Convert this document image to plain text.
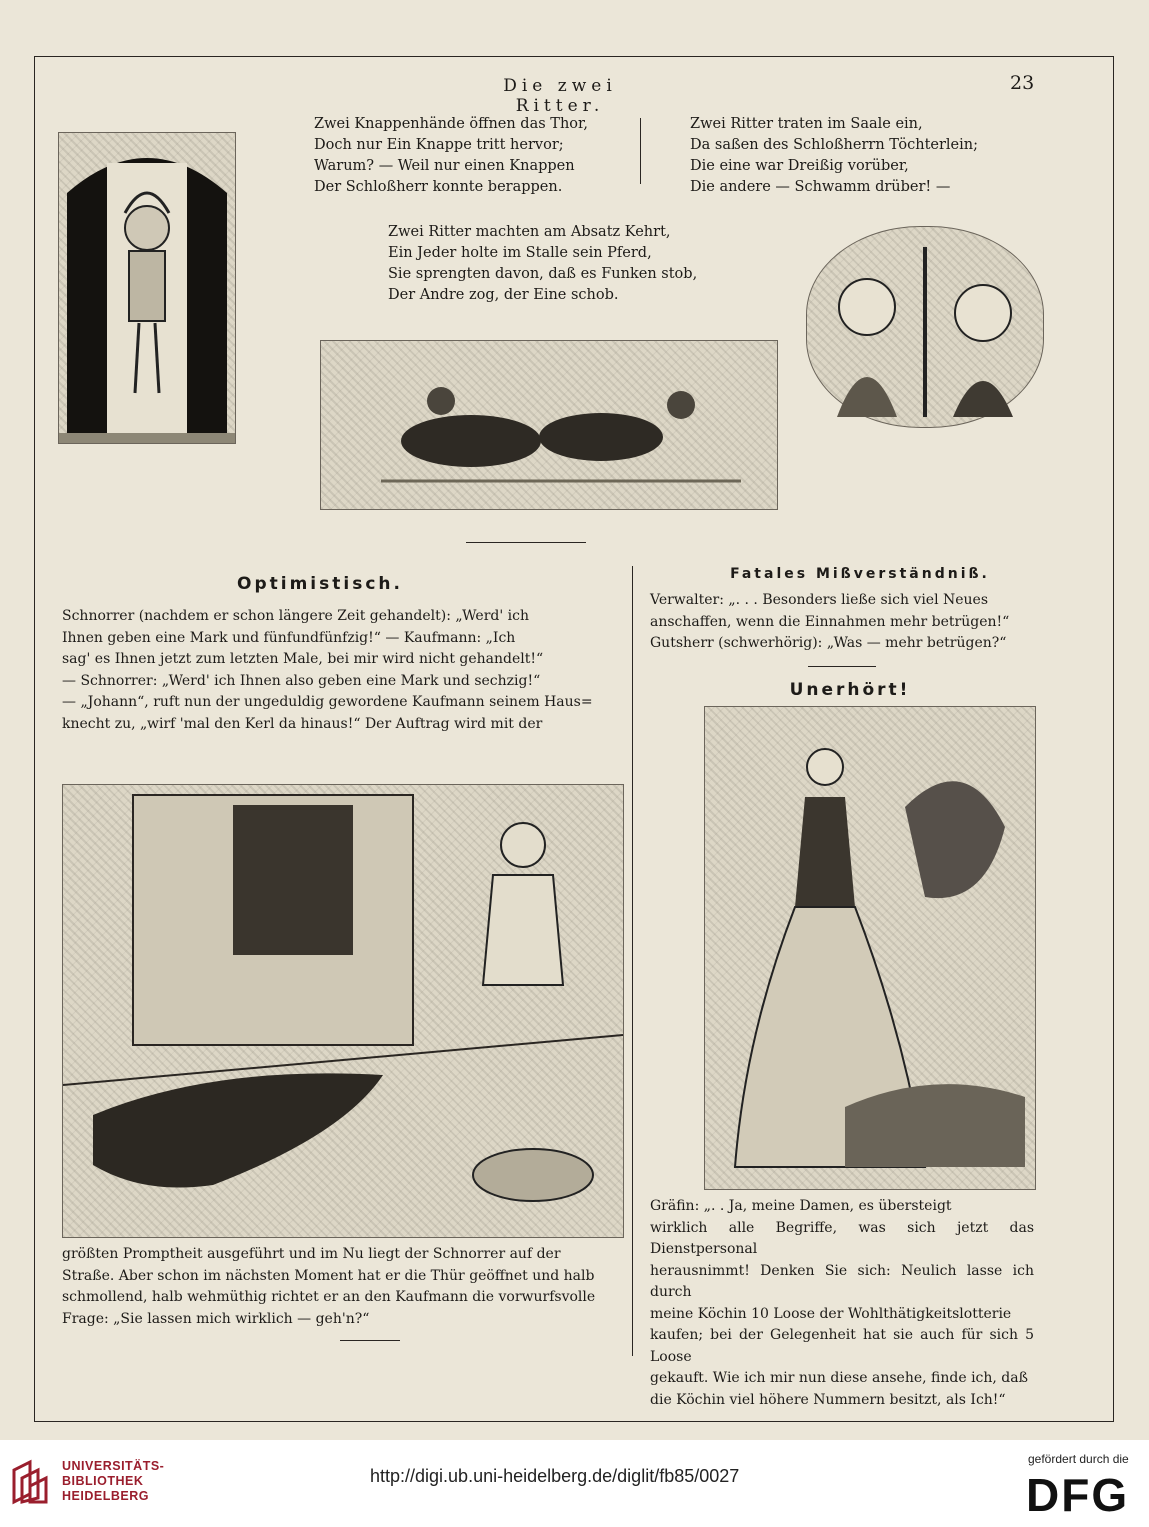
Die zwei Ritter.
23
Zwei Knappenhände öffnen das Thor,
Doch nur Ein Knappe tritt hervor;
Warum? — Weil nur einen Knappen
Der Schloßherr konnte berappen.
Zwei Ritter traten im Saale ein,
Da saßen des Schloßherrn Töchterlein;
Die eine war Dreißig vorüber,
Die andere — Schwamm drüber! —
Zwei Ritter machten am Absatz Kehrt,
Ein Jeder holte im Stalle sein Pferd,
Sie sprengten davon, daß es Funken stob,
Der Andre zog, der Eine schob.
Optimistisch.
Schnorrer (nachdem er schon längere Zeit gehandelt): „Werd' ich
Ihnen geben eine Mark und fünfundfünfzig!“ — Kaufmann: „Ich
sag' es Ihnen jetzt zum letzten Male, bei mir wird nicht gehandelt!“
— Schnorrer: „Werd' ich Ihnen also geben eine Mark und sechzig!“
— „Johann“, ruft nun der ungeduldig gewordene Kaufmann seinem Haus=
knecht zu, „wirf 'mal den Kerl da hinaus!“ Der Auftrag wird mit der
größten Promptheit ausgeführt und im Nu liegt der Schnorrer auf der
Straße. Aber schon im nächsten Moment hat er die Thür geöffnet und halb
schmollend, halb wehmüthig richtet er an den Kaufmann die vorwurfsvolle
Frage: „Sie lassen mich wirklich — geh'n?“
Fatales Mißverständniß.
Verwalter: „. . . Besonders ließe sich viel Neues
anschaffen, wenn die Einnahmen mehr betrügen!“
Gutsherr (schwerhörig): „Was — mehr betrügen?“
Unerhört!
Gräfin: „. . Ja, meine Damen, es übersteigt
wirklich alle Begriffe, was sich jetzt das Dienstpersonal
herausnimmt! Denken Sie sich: Neulich lasse ich durch
meine Köchin 10 Loose der Wohlthätigkeitslotterie
kaufen; bei der Gelegenheit hat sie auch für sich 5 Loose
gekauft. Wie ich mir nun diese ansehe, finde ich, daß
die Köchin viel höhere Nummern besitzt, als Ich!“
UNIVERSITÄTS-
BIBLIOTHEK
HEIDELBERG
http://digi.ub.uni-heidelberg.de/diglit/fb85/0027
gefördert durch die
DFG
